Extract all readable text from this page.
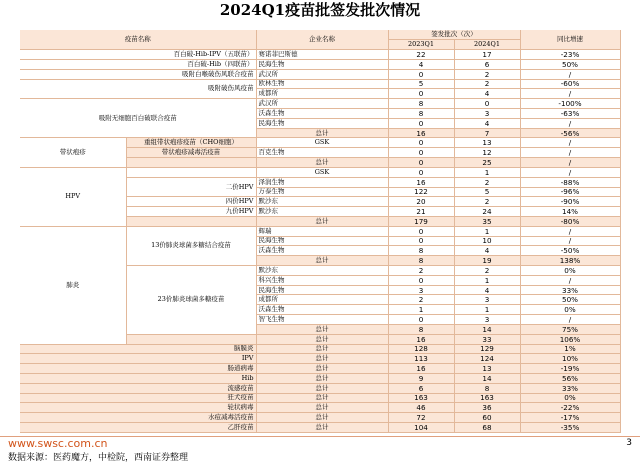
2024Q1疫苗批签发批次情况
疫苗名称		企业名称	签发批次（次）		同比增速
			2023Q1	2024Q1	
百白破-Hib-IPV（五联苗）		赛诺菲巴斯德	22	17	-23%
百白破-Hib（四联苗）		民海生物	4	6	50%
吸附白喉破伤风联合疫苗		武汉所	0	2	/
吸附破伤风疫苗		欧林生物	5	2	-60%
		成都所	0	4	/
吸附无细胞百白破联合疫苗		武汉所	8	0	-100%
		沃森生物	8	3	-63%
		民海生物	0	4	/
		总计	16	7	-56%
带状疱疹	重组带状疱疹疫苗（CHO细胞）	GSK	0	13	/
	带状疱疹减毒活疫苗	百克生物	0	12	/
		总计	0	25	/
HPV		GSK	0	1	/
	二价HPV	泽润生物	16	2	-88%
		万泰生物	122	5	-96%
	四价HPV	默沙东	20	2	-90%
	九价HPV	默沙东	21	24	14%
		总计	179	35	-80%
肺炎	13价肺炎球菌多糖结合疫苗	辉瑞	0	1	/
		民海生物	0	10	/
		沃森生物	8	4	-50%
		总计	8	19	138%
	23价肺炎球菌多糖疫苗	默沙东	2	2	0%
		科兴生物	0	1	/
		民海生物	3	4	33%
		成都所	2	3	50%
		沃森生物	1	1	0%
		智飞生物	0	3	/
		总计	8	14	75%
		总计	16	33	106%
脑膜炎		总计	128	129	1%
IPV		总计	113	124	10%
肠道病毒		总计	16	13	-19%
Hib		总计	9	14	56%
流感疫苗		总计	6	8	33%
狂犬疫苗		总计	163	163	0%
轮状病毒		总计	46	36	-22%
水痘减毒活疫苗		总计	72	60	-17%
乙肝疫苗		总计	104	68	-35%
www.swsc.com.cn
数据来源：医药魔方，中检院，西南证券整理
3
